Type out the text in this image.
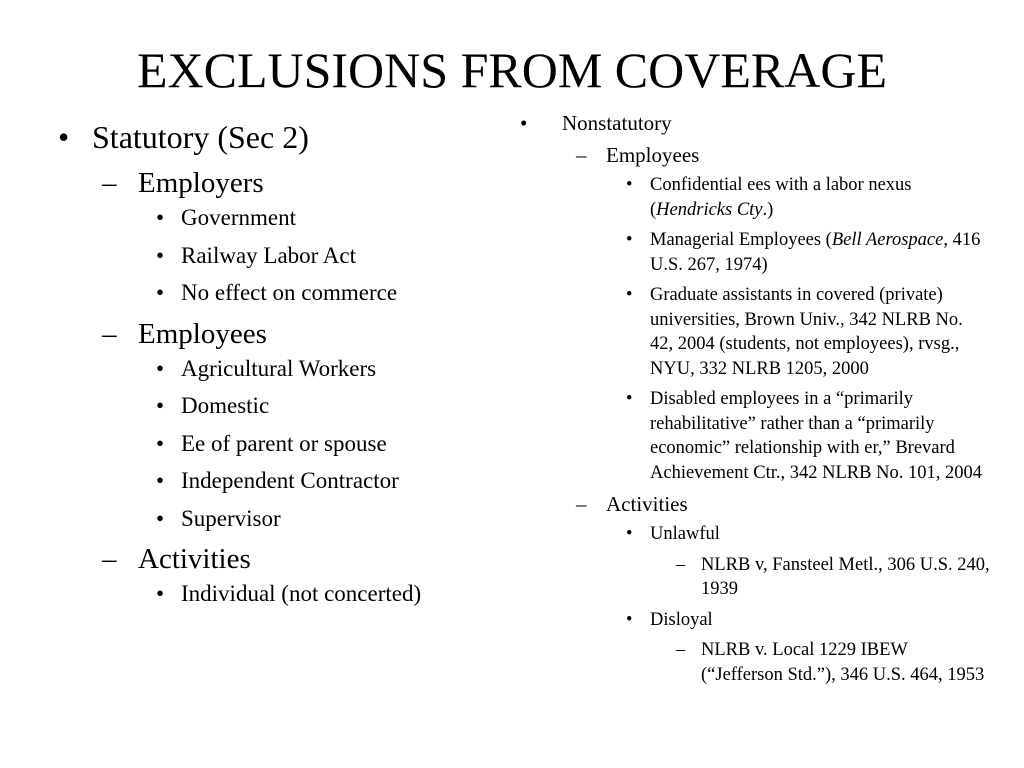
EXCLUSIONS FROM COVERAGE
• Statutory (Sec 2)
– Employers
• Government
• Railway Labor Act
• No effect on commerce
– Employees
• Agricultural Workers
• Domestic
• Ee of parent or spouse
• Independent Contractor
• Supervisor
– Activities
• Individual (not concerted)
• Nonstatutory
– Employees
• Confidential ees with a labor nexus (Hendricks Cty.)
• Managerial Employees (Bell Aerospace, 416 U.S. 267, 1974)
• Graduate assistants in covered (private) universities, Brown Univ., 342 NLRB No. 42, 2004 (students, not employees), rvsg., NYU, 332 NLRB 1205, 2000
• Disabled employees in a “primarily rehabilitative” rather than a “primarily economic” relationship with er,” Brevard Achievement Ctr., 342 NLRB No. 101, 2004
– Activities
• Unlawful
– NLRB v, Fansteel Metl., 306 U.S. 240, 1939
• Disloyal
– NLRB v. Local 1229 IBEW (“Jefferson Std.”), 346 U.S. 464, 1953
